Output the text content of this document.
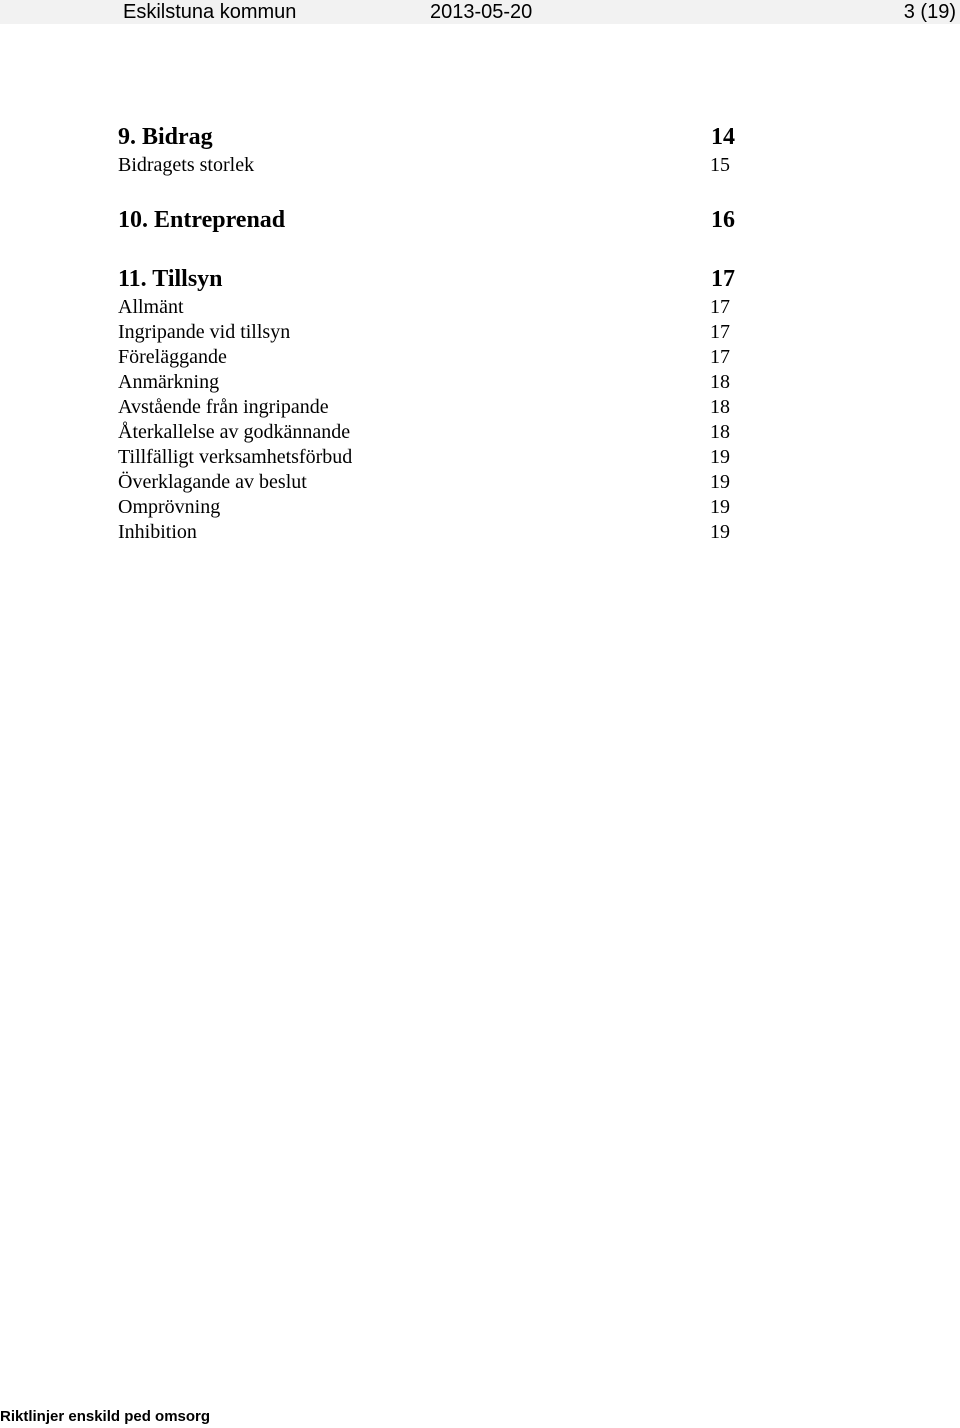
Eskilstuna kommun	2013-05-20	3 (19)
9. Bidrag	14
Bidragets storlek	15
10. Entreprenad	16
11. Tillsyn	17
Allmänt	17
Ingripande vid tillsyn	17
Föreläggande	17
Anmärkning	18
Avstående från ingripande	18
Återkallelse av godkännande	18
Tillfälligt verksamhetsförbud	19
Överklagande av beslut	19
Omprövning	19
Inhibition	19
Riktlinjer enskild ped omsorg
